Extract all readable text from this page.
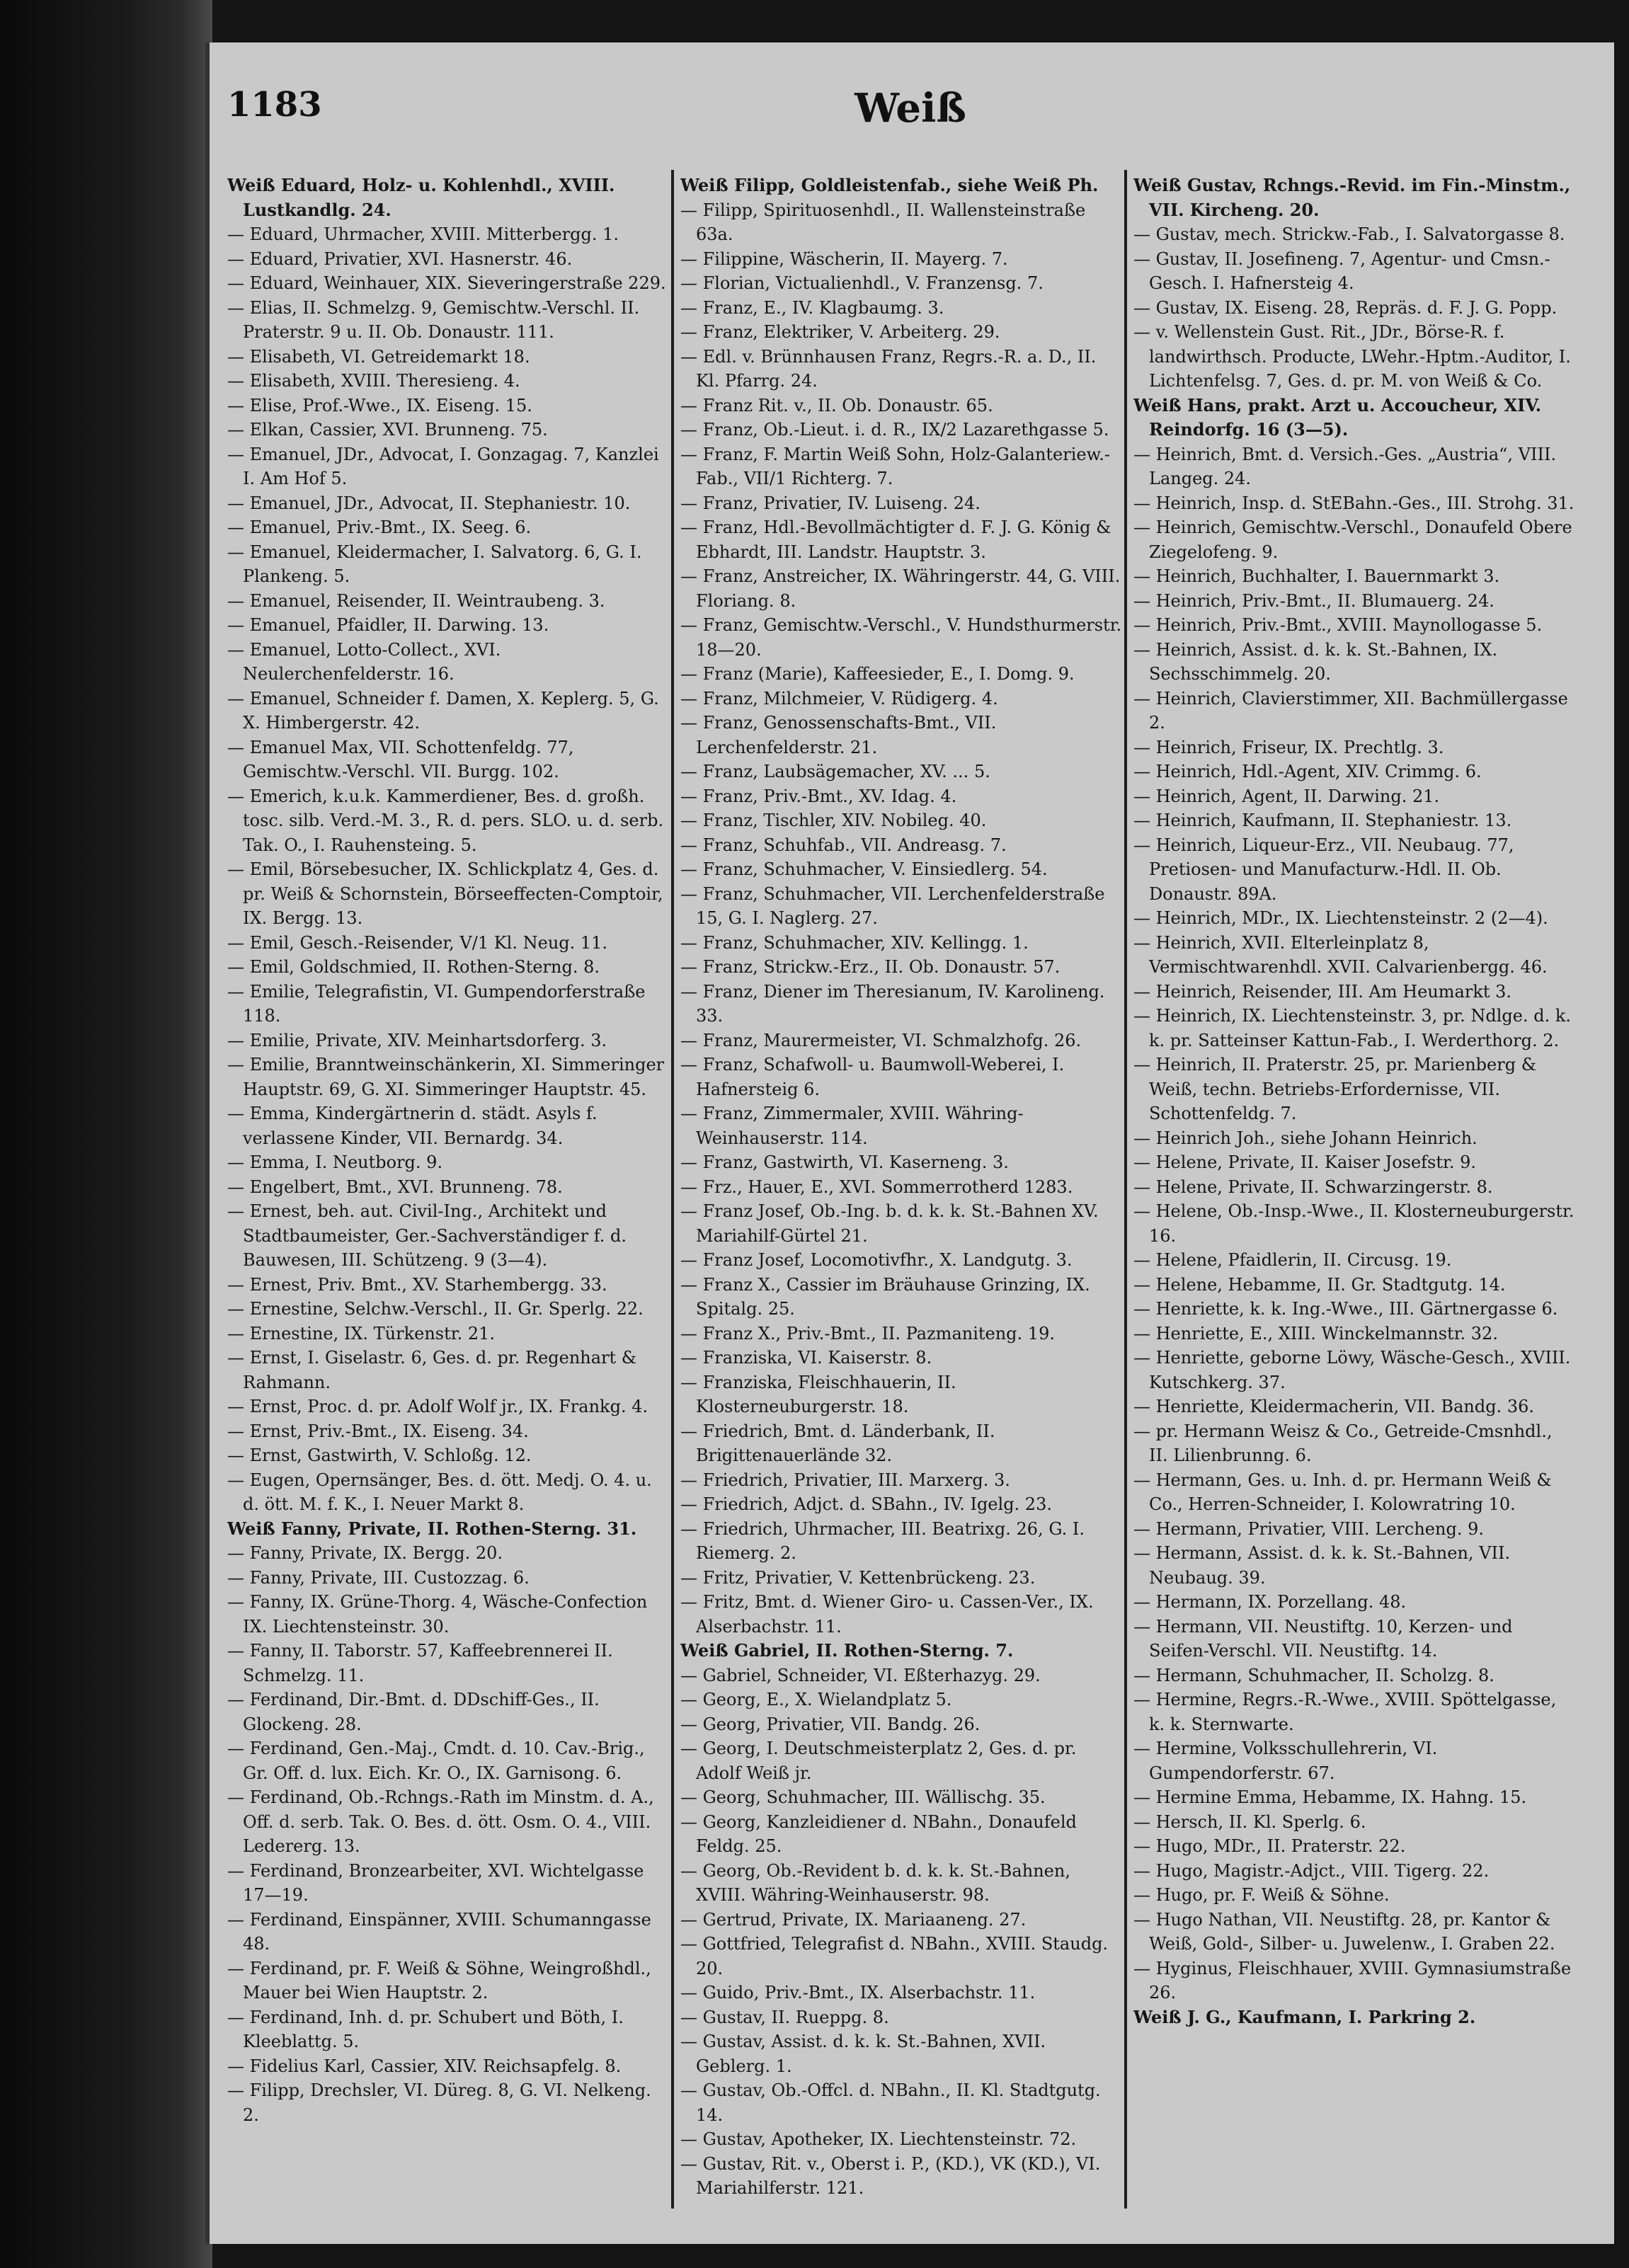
1183	Weiß
Weiß Eduard, Holz- u. Kohlenhdl., XVIII. Lustkandlg. 24.
— Eduard, Uhrmacher, XVIII. Mitterbergg. 1.
— Eduard, Privatier, XVI. Hasnerstr. 46.
— Eduard, Weinhauer, XIX. Sieveringerstraße 229.
— Elias, II. Schmelzg. 9, Gemischtw.-Verschl. II. Praterstr. 9 u. II. Ob. Donaustr. 111.
— Elisabeth, VI. Getreidemarkt 18.
— Elisabeth, XVIII. Theresieng. 4.
— Elise, Prof.-Wwe., IX. Eiseng. 15.
— Elkan, Cassier, XVI. Brunneng. 75.
— Emanuel, JDr., Advocat, I. Gonzagag. 7, Kanzlei I. Am Hof 5.
— Emanuel, JDr., Advocat, II. Stephaniestr. 10.
— Emanuel, Priv.-Bmt., IX. Seeg. 6.
— Emanuel, Kleidermacher, I. Salvatorg. 6, G. I. Plankeng. 5.
— Emanuel, Reisender, II. Weintraubeng. 3.
— Emanuel, Pfaidler, II. Darwing. 13.
— Emanuel, Lotto-Collect., XVI. Neulerchenfelderstr. 16.
— Emanuel, Schneider f. Damen, X. Keplerg. 5, G. X. Himbergerstr. 42.
— Emanuel Max, VII. Schottenfeldg. 77, Gemischtw.-Verschl. VII. Burgg. 102.
— Emerich, k.u.k. Kammerdiener, Bes. d. großh. tosc. silb. Verd.-M. 3., R. d. pers. SLO. u. d. serb. Tak. O., I. Rauhensteing. 5.
— Emil, Börsebesucher, IX. Schlickplatz 4, Ges. d. pr. Weiß & Schornstein, Börseeffecten-Comptoir, IX. Bergg. 13.
— Emil, Gesch.-Reisender, V/1 Kl. Neug. 11.
— Emil, Goldschmied, II. Rothen-Sterng. 8.
— Emilie, Telegrafistin, VI. Gumpendorferstraße 118.
— Emilie, Private, XIV. Meinhartsdorferg. 3.
— Emilie, Branntweinschänkerin, XI. Simmeringer Hauptstr. 69, G. XI. Simmeringer Hauptstr. 45.
— Emma, Kindergärtnerin d. städt. Asyls f. verlassene Kinder, VII. Bernardg. 34.
— Emma, I. Neutborg. 9.
— Engelbert, Bmt., XVI. Brunneng. 78.
— Ernest, beh. aut. Civil-Ing., Architekt und Stadtbaumeister, Ger.-Sachverständiger f. d. Bauwesen, III. Schützeng. 9 (3—4).
— Ernest, Priv. Bmt., XV. Starhembergg. 33.
— Ernestine, Selchw.-Verschl., II. Gr. Sperlg. 22.
— Ernestine, IX. Türkenstr. 21.
— Ernst, I. Giselastr. 6, Ges. d. pr. Regenhart & Rahmann.
— Ernst, Proc. d. pr. Adolf Wolf jr., IX. Frankg. 4.
— Ernst, Priv.-Bmt., IX. Eiseng. 34.
— Ernst, Gastwirth, V. Schloßg. 12.
— Eugen, Opernsänger, Bes. d. ött. Medj. O. 4. u. d. ött. M. f. K., I. Neuer Markt 8.
Weiß Fanny, Private, II. Rothen-Sterng. 31.
— Fanny, Private, IX. Bergg. 20.
— Fanny, Private, III. Custozzag. 6.
— Fanny, IX. Grüne-Thorg. 4, Wäsche-Confection IX. Liechtensteinstr. 30.
— Fanny, II. Taborstr. 57, Kaffeebrennerei II. Schmelzg. 11.
— Ferdinand, Dir.-Bmt. d. DDschiff-Ges., II. Glockeng. 28.
— Ferdinand, Gen.-Maj., Cmdt. d. 10. Cav.-Brig., Gr. Off. d. lux. Eich. Kr. O., IX. Garnisong. 6.
— Ferdinand, Ob.-Rchngs.-Rath im Minstm. d. A., Off. d. serb. Tak. O. Bes. d. ött. Osm. O. 4., VIII. Ledererg. 13.
— Ferdinand, Bronzearbeiter, XVI. Wichtelgasse 17—19.
— Ferdinand, Einspänner, XVIII. Schumanngasse 48.
— Ferdinand, pr. F. Weiß & Söhne, Weingroßhdl., Mauer bei Wien Hauptstr. 2.
— Ferdinand, Inh. d. pr. Schubert und Böth, I. Kleeblattg. 5.
— Fidelius Karl, Cassier, XIV. Reichsapfelg. 8.
— Filipp, Drechsler, VI. Düreg. 8, G. VI. Nelkeng. 2.
Weiß Filipp, Goldleistenfab., siehe Weiß Ph.
— Filipp, Spirituosenhdl., II. Wallensteinstraße 63a.
— Filippine, Wäscherin, II. Mayerg. 7.
— Florian, Victualienhdl., V. Franzensg. 7.
— Franz, E., IV. Klagbaumg. 3.
— Franz, Elektriker, V. Arbeiterg. 29.
— Edl. v. Brünnhausen Franz, Regrs.-R. a. D., II. Kl. Pfarrg. 24.
— Franz Rit. v., II. Ob. Donaustr. 65.
— Franz, Ob.-Lieut. i. d. R., IX/2 Lazarethgasse 5.
— Franz, F. Martin Weiß Sohn, Holz-Galanteriew.-Fab., VII/1 Richterg. 7.
— Franz, Privatier, IV. Luiseng. 24.
— Franz, Hdl.-Bevollmächtigter d. F. J. G. König & Ebhardt, III. Landstr. Hauptstr. 3.
— Franz, Anstreicher, IX. Währingerstr. 44, G. VIII. Floriang. 8.
— Franz, Gemischtw.-Verschl., V. Hundsthurmerstr. 18—20.
— Franz (Marie), Kaffeesieder, E., I. Domg. 9.
— Franz, Milchmeier, V. Rüdigerg. 4.
— Franz, Genossenschafts-Bmt., VII. Lerchenfelderstr. 21.
— Franz, Laubsägemacher, XV. ... 5.
— Franz, Priv.-Bmt., XV. Idag. 4.
— Franz, Tischler, XIV. Nobileg. 40.
— Franz, Schuhfab., VII. Andreasg. 7.
— Franz, Schuhmacher, V. Einsiedlerg. 54.
— Franz, Schuhmacher, VII. Lerchenfelderstraße 15, G. I. Naglerg. 27.
— Franz, Schuhmacher, XIV. Kellingg. 1.
— Franz, Strickw.-Erz., II. Ob. Donaustr. 57.
— Franz, Diener im Theresianum, IV. Karolineng. 33.
— Franz, Maurermeister, VI. Schmalzhofg. 26.
— Franz, Schafwoll- u. Baumwoll-Weberei, I. Hafnersteig 6.
— Franz, Zimmermaler, XVIII. Währing-Weinhauserstr. 114.
— Franz, Gastwirth, VI. Kaserneng. 3.
— Frz., Hauer, E., XVI. Sommerrotherd 1283.
— Franz Josef, Ob.-Ing. b. d. k. k. St.-Bahnen XV. Mariahilf-Gürtel 21.
— Franz Josef, Locomotivfhr., X. Landgutg. 3.
— Franz X., Cassier im Bräuhause Grinzing, IX. Spitalg. 25.
— Franz X., Priv.-Bmt., II. Pazmaniteng. 19.
— Franziska, VI. Kaiserstr. 8.
— Franziska, Fleischhauerin, II. Klosterneuburgerstr. 18.
— Friedrich, Bmt. d. Länderbank, II. Brigittenauerlände 32.
— Friedrich, Privatier, III. Marxerg. 3.
— Friedrich, Adjct. d. SBahn., IV. Igelg. 23.
— Friedrich, Uhrmacher, III. Beatrixg. 26, G. I. Riemerg. 2.
— Fritz, Privatier, V. Kettenbrückeng. 23.
— Fritz, Bmt. d. Wiener Giro- u. Cassen-Ver., IX. Alserbachstr. 11.
Weiß Gabriel, II. Rothen-Sterng. 7.
— Gabriel, Schneider, VI. Eßterhazyg. 29.
— Georg, E., X. Wielandplatz 5.
— Georg, Privatier, VII. Bandg. 26.
— Georg, I. Deutschmeisterplatz 2, Ges. d. pr. Adolf Weiß jr.
— Georg, Schuhmacher, III. Wällischg. 35.
— Georg, Kanzleidiener d. NBahn., Donaufeld Feldg. 25.
— Georg, Ob.-Revident b. d. k. k. St.-Bahnen, XVIII. Währing-Weinhauserstr. 98.
— Gertrud, Private, IX. Mariaaneng. 27.
— Gottfried, Telegrafist d. NBahn., XVIII. Staudg. 20.
— Guido, Priv.-Bmt., IX. Alserbachstr. 11.
— Gustav, II. Rueppg. 8.
— Gustav, Assist. d. k. k. St.-Bahnen, XVII. Geblerg. 1.
— Gustav, Ob.-Offcl. d. NBahn., II. Kl. Stadtgutg. 14.
— Gustav, Apotheker, IX. Liechtensteinstr. 72.
— Gustav, Rit. v., Oberst i. P., (KD.), VK (KD.), VI. Mariahilferstr. 121.
Weiß Gustav, Rchngs.-Revid. im Fin.-Minstm., VII. Kircheng. 20.
— Gustav, mech. Strickw.-Fab., I. Salvatorgasse 8.
— Gustav, II. Josefineng. 7, Agentur- und Cmsn.-Gesch. I. Hafnersteig 4.
— Gustav, IX. Eiseng. 28, Repräs. d. F. J. G. Popp.
— v. Wellenstein Gust. Rit., JDr., Börse-R. f. landwirthsch. Producte, LWehr.-Hptm.-Auditor, I. Lichtenfelsg. 7, Ges. d. pr. M. von Weiß & Co.
Weiß Hans, prakt. Arzt u. Accoucheur, XIV. Reindorfg. 16 (3—5).
— Heinrich, Bmt. d. Versich.-Ges. „Austria“, VIII. Langeg. 24.
— Heinrich, Insp. d. StEBahn.-Ges., III. Strohg. 31.
— Heinrich, Gemischtw.-Verschl., Donaufeld Obere Ziegelofeng. 9.
— Heinrich, Buchhalter, I. Bauernmarkt 3.
— Heinrich, Priv.-Bmt., II. Blumauerg. 24.
— Heinrich, Priv.-Bmt., XVIII. Maynollogasse 5.
— Heinrich, Assist. d. k. k. St.-Bahnen, IX. Sechsschimmelg. 20.
— Heinrich, Clavierstimmer, XII. Bachmüllergasse 2.
— Heinrich, Friseur, IX. Prechtlg. 3.
— Heinrich, Hdl.-Agent, XIV. Crimmg. 6.
— Heinrich, Agent, II. Darwing. 21.
— Heinrich, Kaufmann, II. Stephaniestr. 13.
— Heinrich, Liqueur-Erz., VII. Neubaug. 77, Pretiosen- und Manufacturw.-Hdl. II. Ob. Donaustr. 89A.
— Heinrich, MDr., IX. Liechtensteinstr. 2 (2—4).
— Heinrich, XVII. Elterleinplatz 8, Vermischtwarenhdl. XVII. Calvarienbergg. 46.
— Heinrich, Reisender, III. Am Heumarkt 3.
— Heinrich, IX. Liechtensteinstr. 3, pr. Ndlge. d. k. k. pr. Satteinser Kattun-Fab., I. Werderthorg. 2.
— Heinrich, II. Praterstr. 25, pr. Marienberg & Weiß, techn. Betriebs-Erfordernisse, VII. Schottenfeldg. 7.
— Heinrich Joh., siehe Johann Heinrich.
— Helene, Private, II. Kaiser Josefstr. 9.
— Helene, Private, II. Schwarzingerstr. 8.
— Helene, Ob.-Insp.-Wwe., II. Klosterneuburgerstr. 16.
— Helene, Pfaidlerin, II. Circusg. 19.
— Helene, Hebamme, II. Gr. Stadtgutg. 14.
— Henriette, k. k. Ing.-Wwe., III. Gärtnergasse 6.
— Henriette, E., XIII. Winckelmannstr. 32.
— Henriette, geborne Löwy, Wäsche-Gesch., XVIII. Kutschkerg. 37.
— Henriette, Kleidermacherin, VII. Bandg. 36.
— pr. Hermann Weisz & Co., Getreide-Cmsnhdl., II. Lilienbrunng. 6.
— Hermann, Ges. u. Inh. d. pr. Hermann Weiß & Co., Herren-Schneider, I. Kolowratring 10.
— Hermann, Privatier, VIII. Lercheng. 9.
— Hermann, Assist. d. k. k. St.-Bahnen, VII. Neubaug. 39.
— Hermann, IX. Porzellang. 48.
— Hermann, VII. Neustiftg. 10, Kerzen- und Seifen-Verschl. VII. Neustiftg. 14.
— Hermann, Schuhmacher, II. Scholzg. 8.
— Hermine, Regrs.-R.-Wwe., XVIII. Spöttelgasse, k. k. Sternwarte.
— Hermine, Volksschullehrerin, VI. Gumpendorferstr. 67.
— Hermine Emma, Hebamme, IX. Hahng. 15.
— Hersch, II. Kl. Sperlg. 6.
— Hugo, MDr., II. Praterstr. 22.
— Hugo, Magistr.-Adjct., VIII. Tigerg. 22.
— Hugo, pr. F. Weiß & Söhne.
— Hugo Nathan, VII. Neustiftg. 28, pr. Kantor & Weiß, Gold-, Silber- u. Juwelenw., I. Graben 22.
— Hyginus, Fleischhauer, XVIII. Gymnasiumstraße 26.
Weiß J. G., Kaufmann, I. Parkring 2.
